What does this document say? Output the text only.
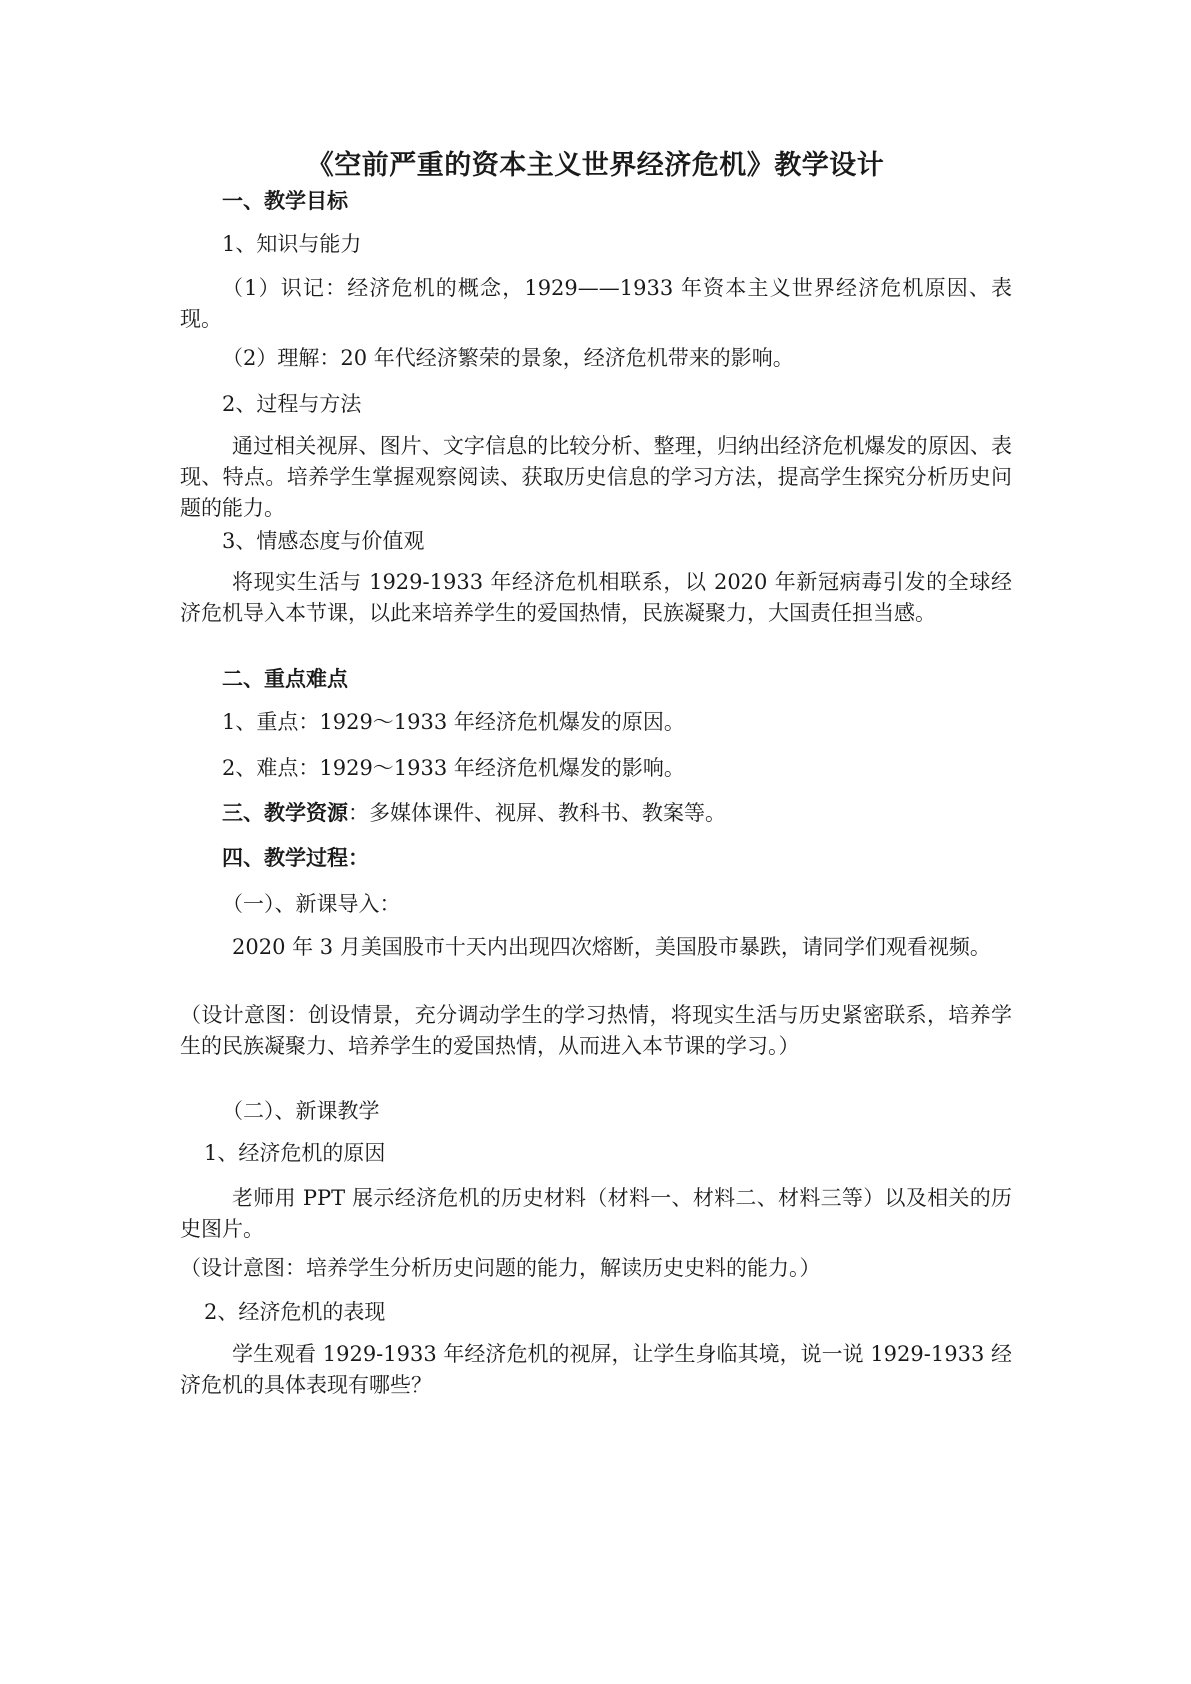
《空前严重的资本主义世界经济危机》教学设计

一、教学目标

1、知识与能力

（1）识记：经济危机的概念，1929——1933 年资本主义世界经济危机原因、表现。

（2）理解：20 年代经济繁荣的景象，经济危机带来的影响。

2、过程与方法

通过相关视屏、图片、文字信息的比较分析、整理，归纳出经济危机爆发的原因、表现、特点。培养学生掌握观察阅读、获取历史信息的学习方法，提高学生探究分析历史问题的能力。

3、情感态度与价值观

将现实生活与 1929-1933 年经济危机相联系，以 2020 年新冠病毒引发的全球经济危机导入本节课，以此来培养学生的爱国热情，民族凝聚力，大国责任担当感。

二、重点难点

1、重点：1929～1933 年经济危机爆发的原因。

2、难点：1929～1933 年经济危机爆发的影响。

三、教学资源：多媒体课件、视屏、教科书、教案等。

四、教学过程：

（一）、新课导入：

2020 年 3 月美国股市十天内出现四次熔断，美国股市暴跌，请同学们观看视频。

（设计意图：创设情景，充分调动学生的学习热情，将现实生活与历史紧密联系，培养学生的民族凝聚力、培养学生的爱国热情，从而进入本节课的学习。）

（二）、新课教学

1、经济危机的原因

老师用 PPT 展示经济危机的历史材料（材料一、材料二、材料三等）以及相关的历史图片。

（设计意图：培养学生分析历史问题的能力，解读历史史料的能力。）

2、经济危机的表现

学生观看 1929-1933 年经济危机的视屏，让学生身临其境，说一说 1929-1933 经济危机的具体表现有哪些？
